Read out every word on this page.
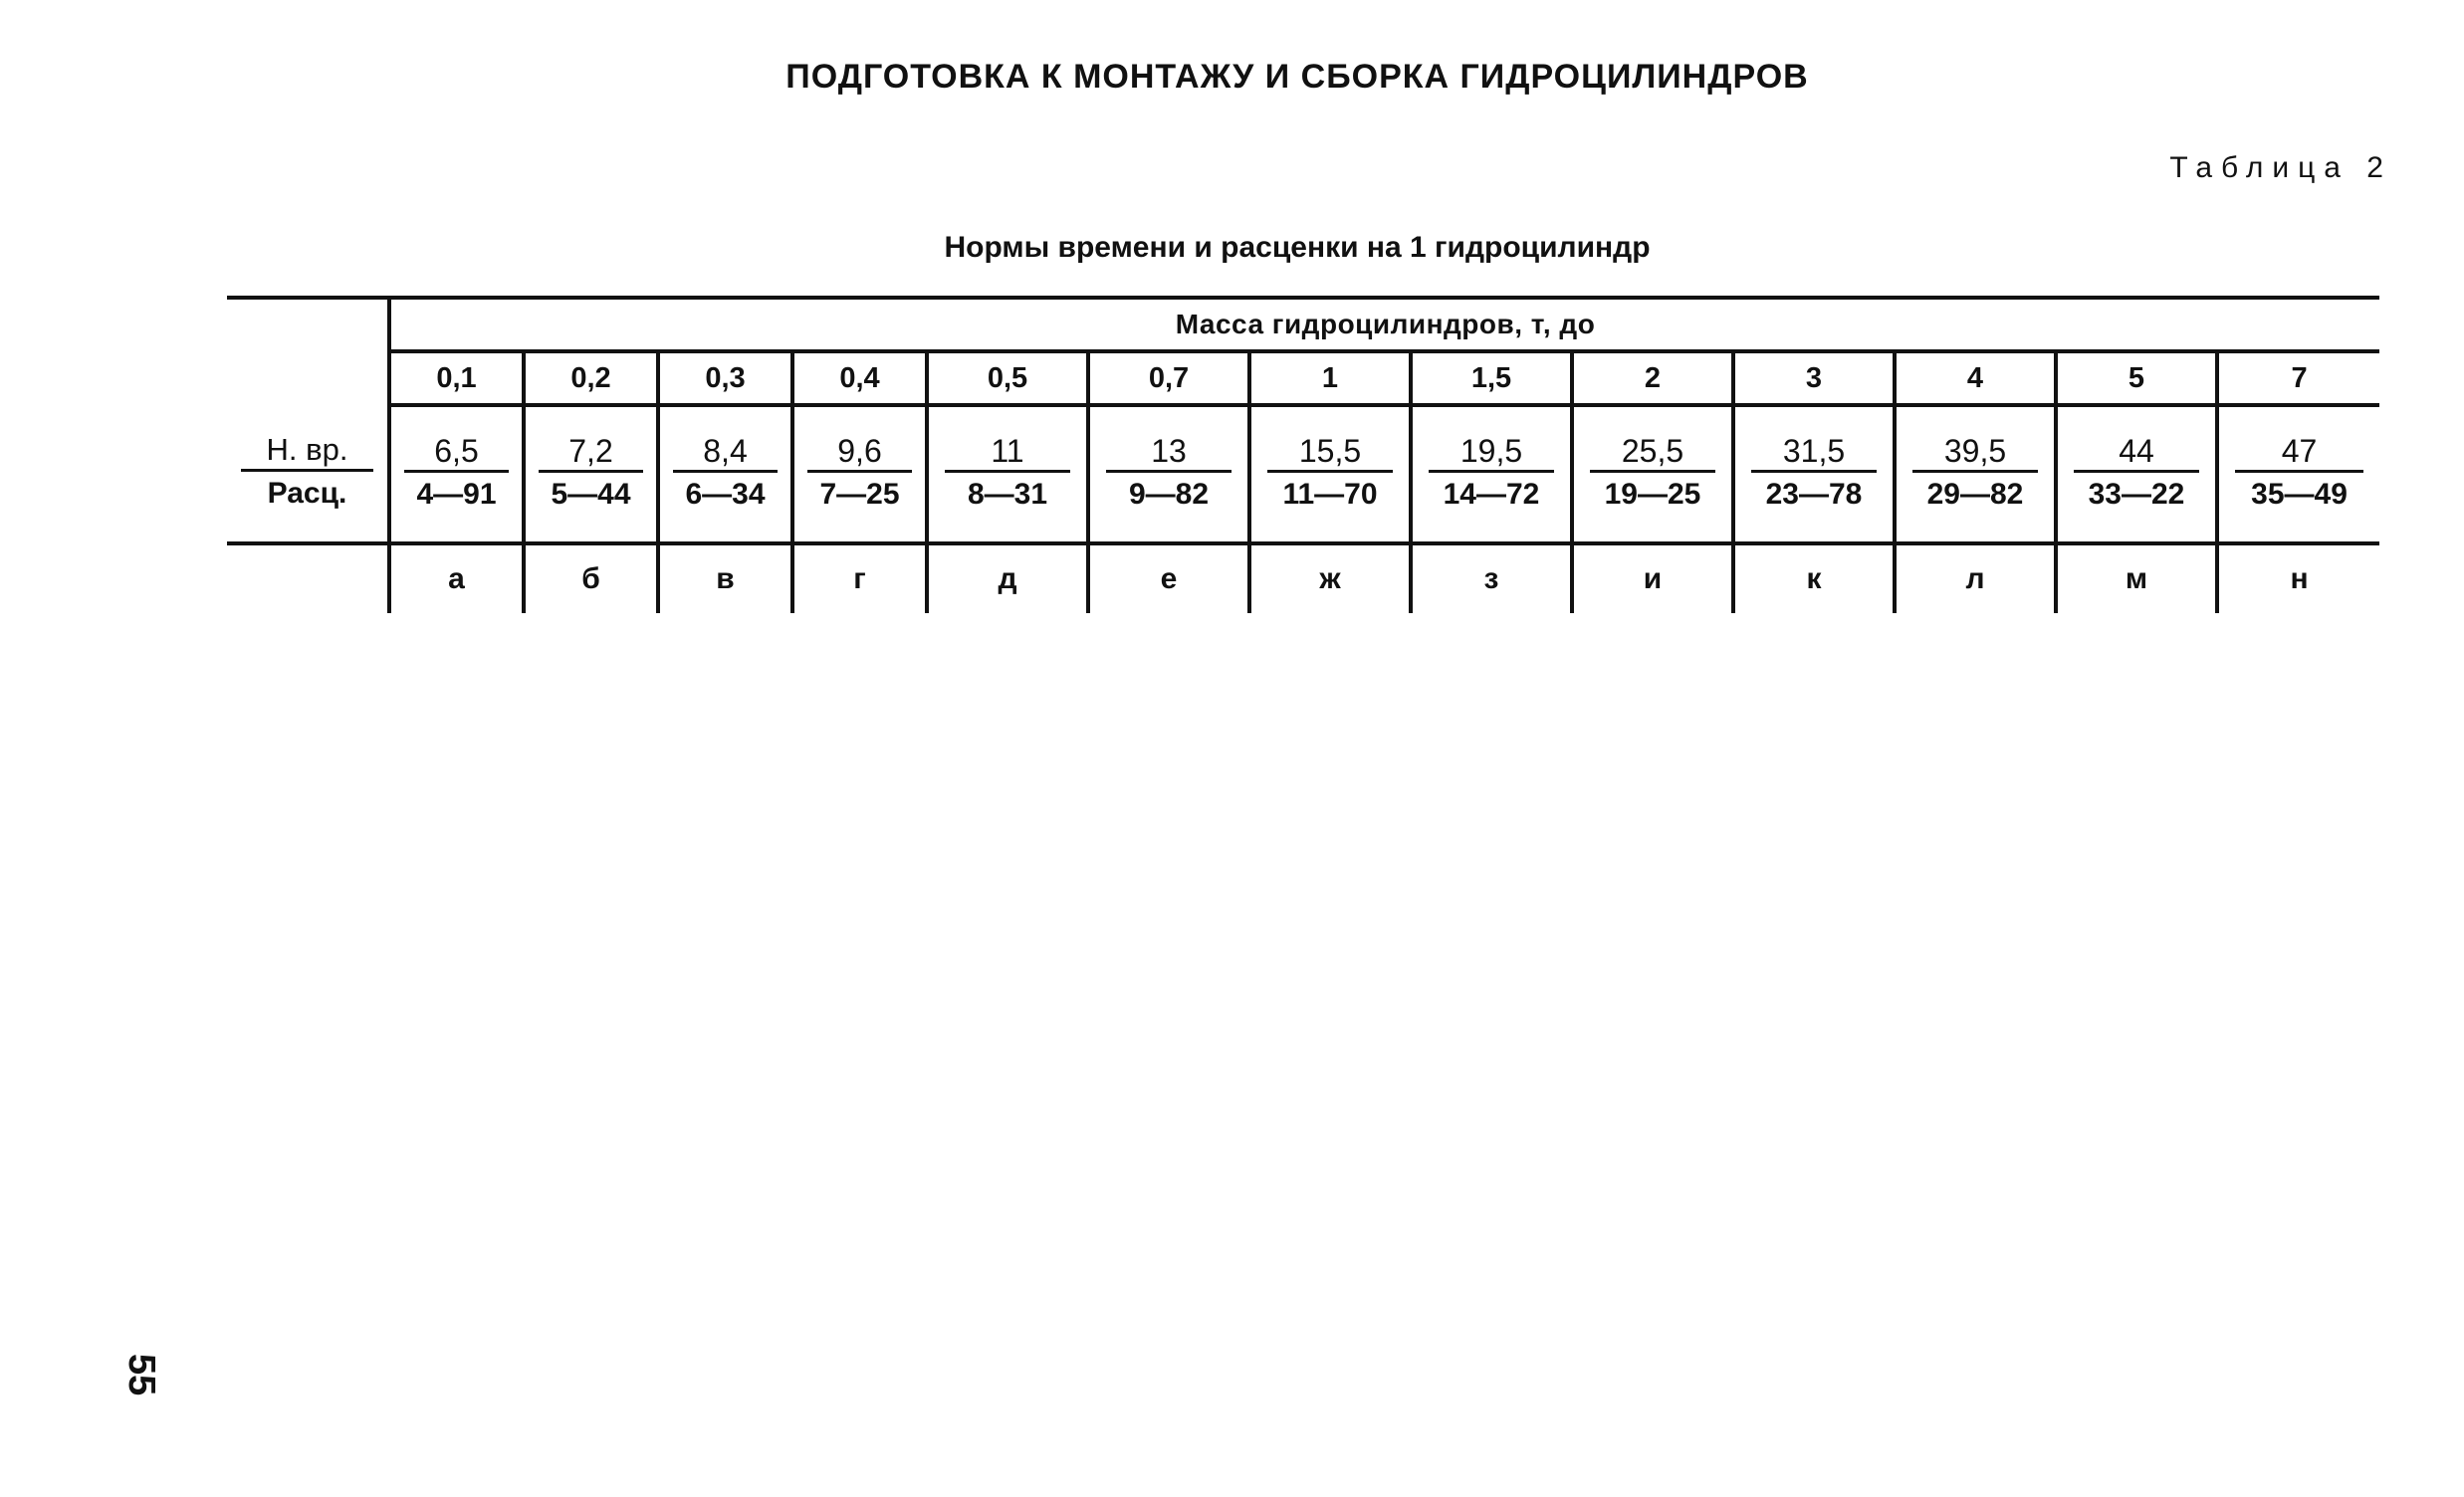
ПОДГОТОВКА К МОНТАЖУ И СБОРКА ГИДРОЦИЛИНДРОВ
Таблица 2
Нормы времени и расценки на 1 гидроцилиндр
	Масса гидроцилиндров, т, до												
	0,1	0,2	0,3	0,4	0,5	0,7	1	1,5	2	3	4	5	7

$\frac{Н. вр.}{\text{Расц.}}$	$\frac{6,5}{4—91}$	$\frac{7,2}{5—44}$	$\frac{8,4}{6—34}$	$\frac{9,6}{7—25}$	$\frac{11}{8—31}$	$\frac{13}{9—82}$	$\frac{15,5}{11—70}$	$\frac{19,5}{14—72}$	$\frac{25,5}{19—25}$	$\frac{31,5}{23—78}$	$\frac{39,5}{29—82}$	$\frac{44}{33—22}$	$\frac{47}{35—49}$

	а	б	в	г	д	е	ж	з	и	к	л	м	н
55
